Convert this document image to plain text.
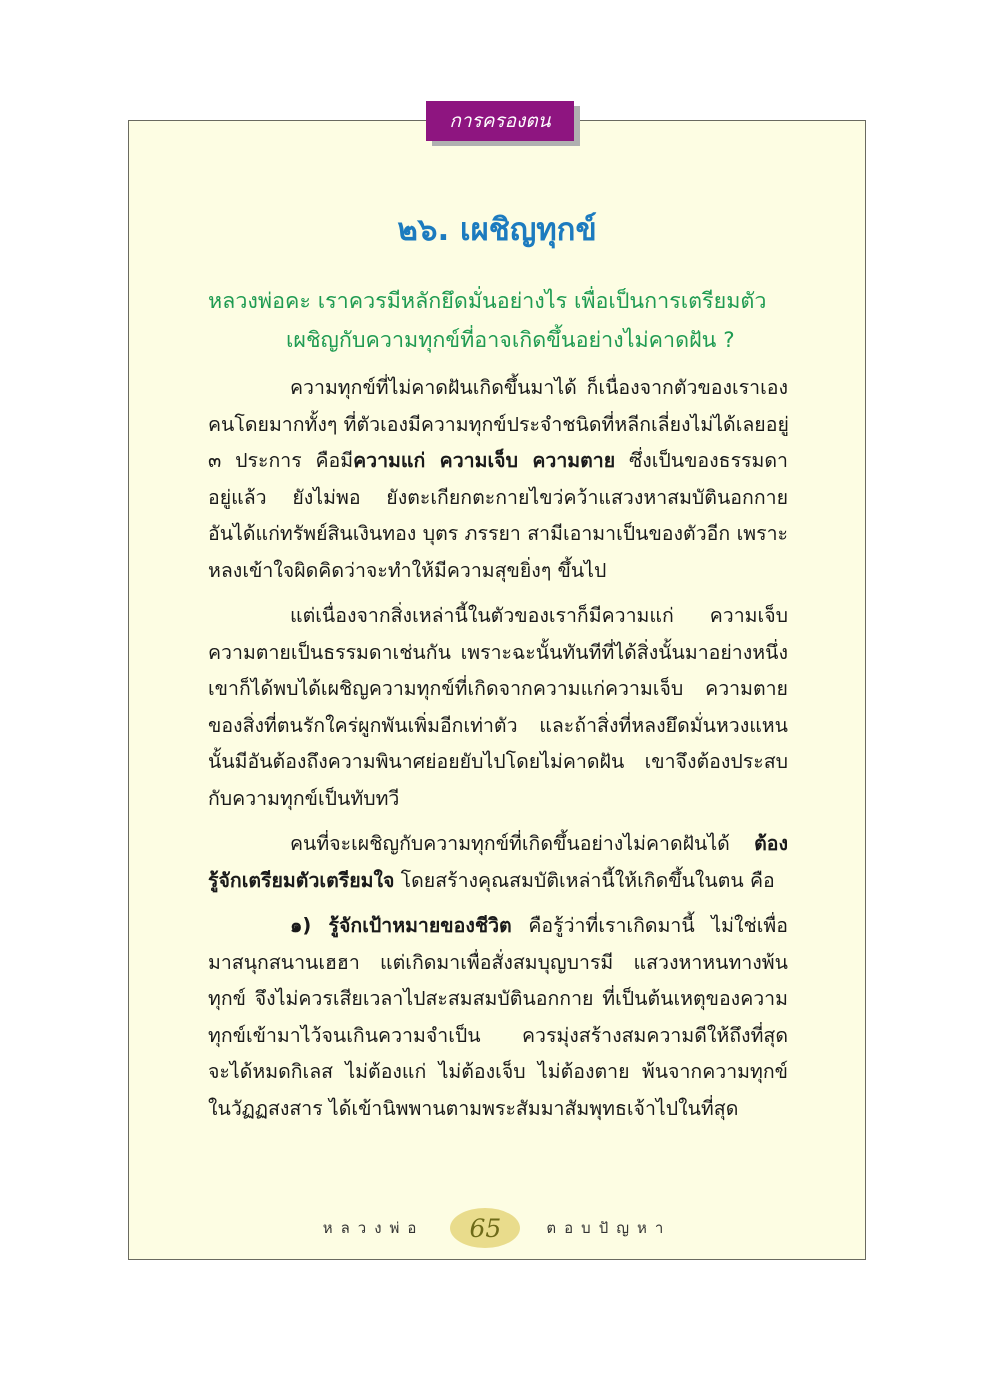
การครองตน
๒๖. เผชิญทุกข์

หลวงพ่อคะ เราควรมีหลักยึดมั่นอย่างไร เพื่อเป็นการเตรียมตัว
เผชิญกับความทุกข์ที่อาจเกิดขึ้นอย่างไม่คาดฝัน ?

ความทุกข์ที่ไม่คาดฝันเกิดขึ้นมาได้ ก็เนื่องจากตัวของเราเอง
คนโดยมากทั้งๆ ที่ตัวเองมีความทุกข์ประจำชนิดที่หลีกเลี่ยงไม่ได้เลยอยู่
๓ ประการ คือมีความแก่ ความเจ็บ ความตาย ซึ่งเป็นของธรรมดา
อยู่แล้ว ยังไม่พอ ยังตะเกียกตะกายไขว่คว้าแสวงหาสมบัตินอกกาย
อันได้แก่ทรัพย์สินเงินทอง บุตร ภรรยา สามีเอามาเป็นของตัวอีก เพราะ
หลงเข้าใจผิดคิดว่าจะทำให้มีความสุขยิ่งๆ ขึ้นไป

แต่เนื่องจากสิ่งเหล่านี้ในตัวของเราก็มีความแก่ ความเจ็บ
ความตายเป็นธรรมดาเช่นกัน เพราะฉะนั้นทันทีที่ได้สิ่งนั้นมาอย่างหนึ่ง
เขาก็ได้พบได้เผชิญความทุกข์ที่เกิดจากความแก่ความเจ็บ ความตาย
ของสิ่งที่ตนรักใคร่ผูกพันเพิ่มอีกเท่าตัว และถ้าสิ่งที่หลงยึดมั่นหวงแหน
นั้นมีอันต้องถึงความพินาศย่อยยับไปโดยไม่คาดฝัน เขาจึงต้องประสบ
กับความทุกข์เป็นทับทวี

คนที่จะเผชิญกับความทุกข์ที่เกิดขึ้นอย่างไม่คาดฝันได้ ต้อง
รู้จักเตรียมตัวเตรียมใจ โดยสร้างคุณสมบัติเหล่านี้ให้เกิดขึ้นในตน คือ

๑) รู้จักเป้าหมายของชีวิต คือรู้ว่าที่เราเกิดมานี้ ไม่ใช่เพื่อ
มาสนุกสนานเฮฮา แต่เกิดมาเพื่อสั่งสมบุญบารมี แสวงหาหนทางพ้น
ทุกข์ จึงไม่ควรเสียเวลาไปสะสมสมบัตินอกกาย ที่เป็นต้นเหตุของความ
ทุกข์เข้ามาไว้จนเกินความจำเป็น ควรมุ่งสร้างสมความดีให้ถึงที่สุด
จะได้หมดกิเลส ไม่ต้องแก่ ไม่ต้องเจ็บ ไม่ต้องตาย พ้นจากความทุกข์
ในวัฏฏสงสาร ได้เข้านิพพานตามพระสัมมาสัมพุทธเจ้าไปในที่สุด

หลวงพ่อ	65	ตอบปัญหา
